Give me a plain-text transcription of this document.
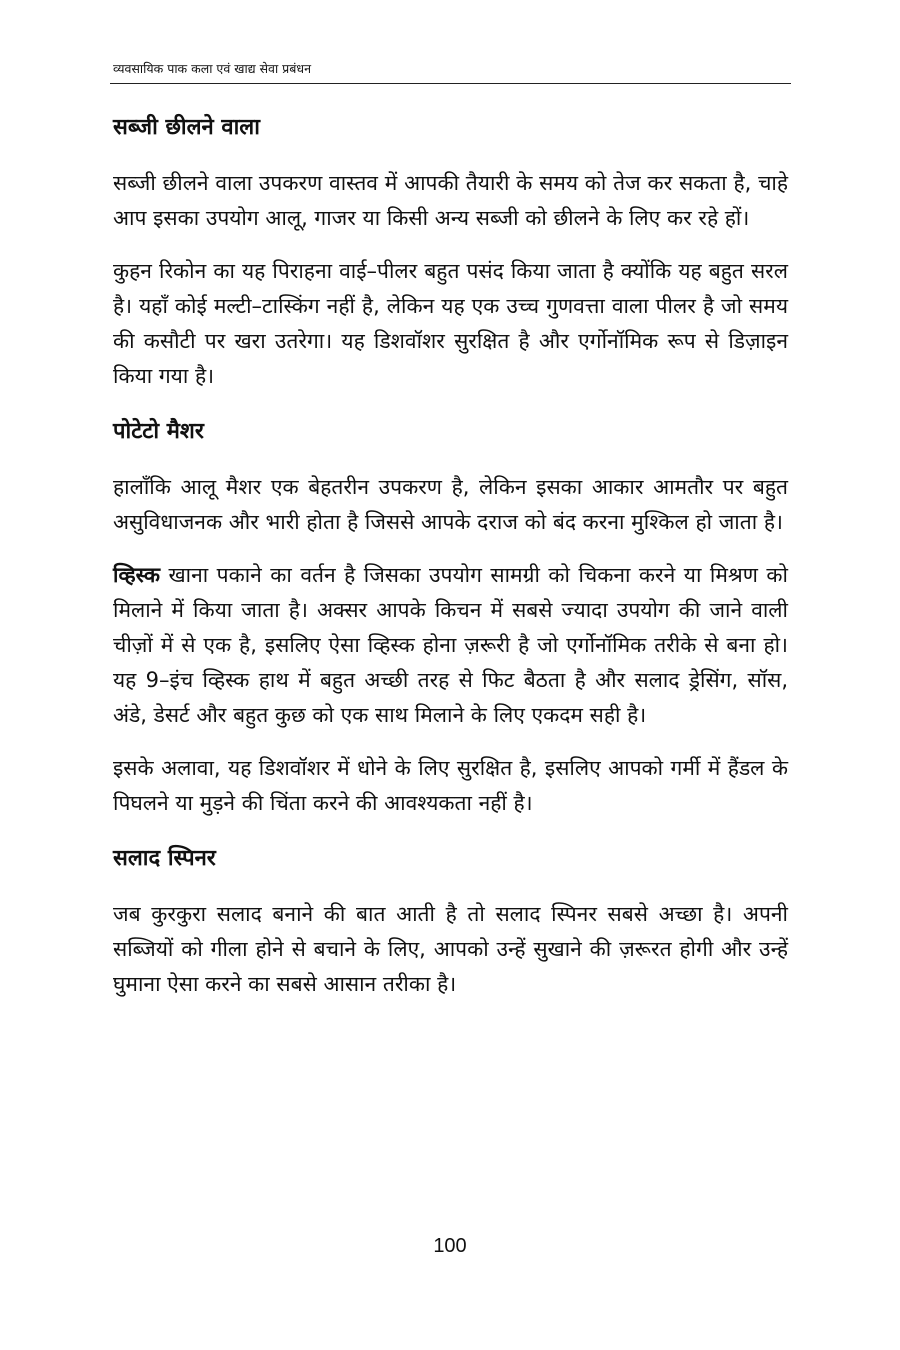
व्यवसायिक पाक कला एवं खाद्य सेवा प्रबंधन
सब्जी छीलने वाला

सब्जी छीलने वाला उपकरण वास्तव में आपकी तैयारी के समय को तेज कर सकता है, चाहे आप इसका उपयोग आलू, गाजर या किसी अन्य सब्जी को छीलने के लिए कर रहे हों।

कुहन रिकोन का यह पिराहना वाई–पीलर बहुत पसंद किया जाता है क्योंकि यह बहुत सरल है। यहाँ कोई मल्टी–टास्किंग नहीं है, लेकिन यह एक उच्च गुणवत्ता वाला पीलर है जो समय की कसौटी पर खरा उतरेगा। यह डिशवॉशर सुरक्षित है और एर्गोनॉमिक रूप से डिज़ाइन किया गया है।

पोटेटो मैशर

हालाँकि आलू मैशर एक बेहतरीन उपकरण है, लेकिन इसका आकार आमतौर पर बहुत असुविधाजनक और भारी होता है जिससे आपके दराज को बंद करना मुश्किल हो जाता है।

व्हिस्क खाना पकाने का वर्तन है जिसका उपयोग सामग्री को चिकना करने या मिश्रण को मिलाने में किया जाता है। अक्सर आपके किचन में सबसे ज्यादा उपयोग की जाने वाली चीज़ों में से एक है, इसलिए ऐसा व्हिस्क होना ज़रूरी है जो एर्गोनॉमिक तरीके से बना हो। यह 9–इंच व्हिस्क हाथ में बहुत अच्छी तरह से फिट बैठता है और सलाद ड्रेसिंग, सॉस, अंडे, डेसर्ट और बहुत कुछ को एक साथ मिलाने के लिए एकदम सही है।

इसके अलावा, यह डिशवॉशर में धोने के लिए सुरक्षित है, इसलिए आपको गर्मी में हैंडल के पिघलने या मुड़ने की चिंता करने की आवश्यकता नहीं है।

सलाद स्पिनर

जब कुरकुरा सलाद बनाने की बात आती है तो सलाद स्पिनर सबसे अच्छा है। अपनी सब्जियों को गीला होने से बचाने के लिए, आपको उन्हें सुखाने की ज़रूरत होगी और उन्हें घुमाना ऐसा करने का सबसे आसान तरीका है।

100
